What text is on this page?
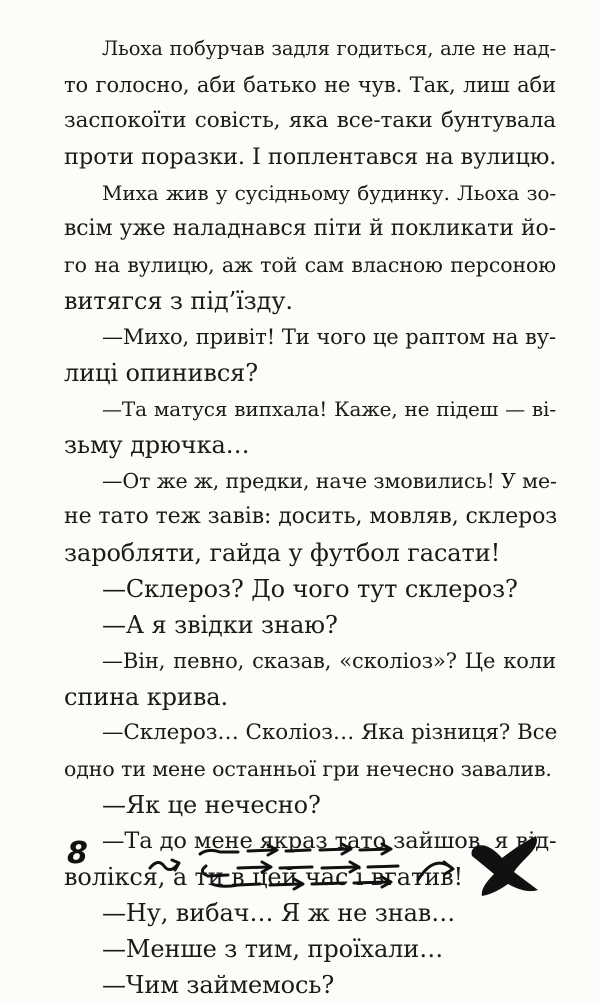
Льоха побурчав задля годиться, але не над-
то голосно, аби батько не чув. Так, лиш аби
заспокоїти совість, яка все-таки бунтувала
проти поразки. І поплентався на вулицю.
Миха жив у сусідньому будинку. Льоха зо-
всім уже наладнався піти й покликати йо-
го на вулицю, аж той сам власною персоною
витягся з під’їзду.
—Михо, привіт! Ти чого це раптом на ву-
лиці опинився?
—Та матуся випхала! Каже, не підеш — ві-
зьму дрючка…
—От же ж, предки, наче змовились! У ме-
не тато теж завів: досить, мовляв, склероз
заробляти, гайда у футбол гасати!
—Склероз? До чого тут склероз?
—А я звідки знаю?
—Він, певно, сказав, «сколіоз»? Це коли
спина крива.
—Склероз… Сколіоз… Яка різниця? Все
одно ти мене останньої гри нечесно завалив.
—Як це нечесно?
—Та до мене якраз тато зайшов, я від-
волікся, а ти в цей час і вгатив!
—Ну, вибач… Я ж не знав…
—Менше з тим, проїхали…
—Чим займемось?
8
